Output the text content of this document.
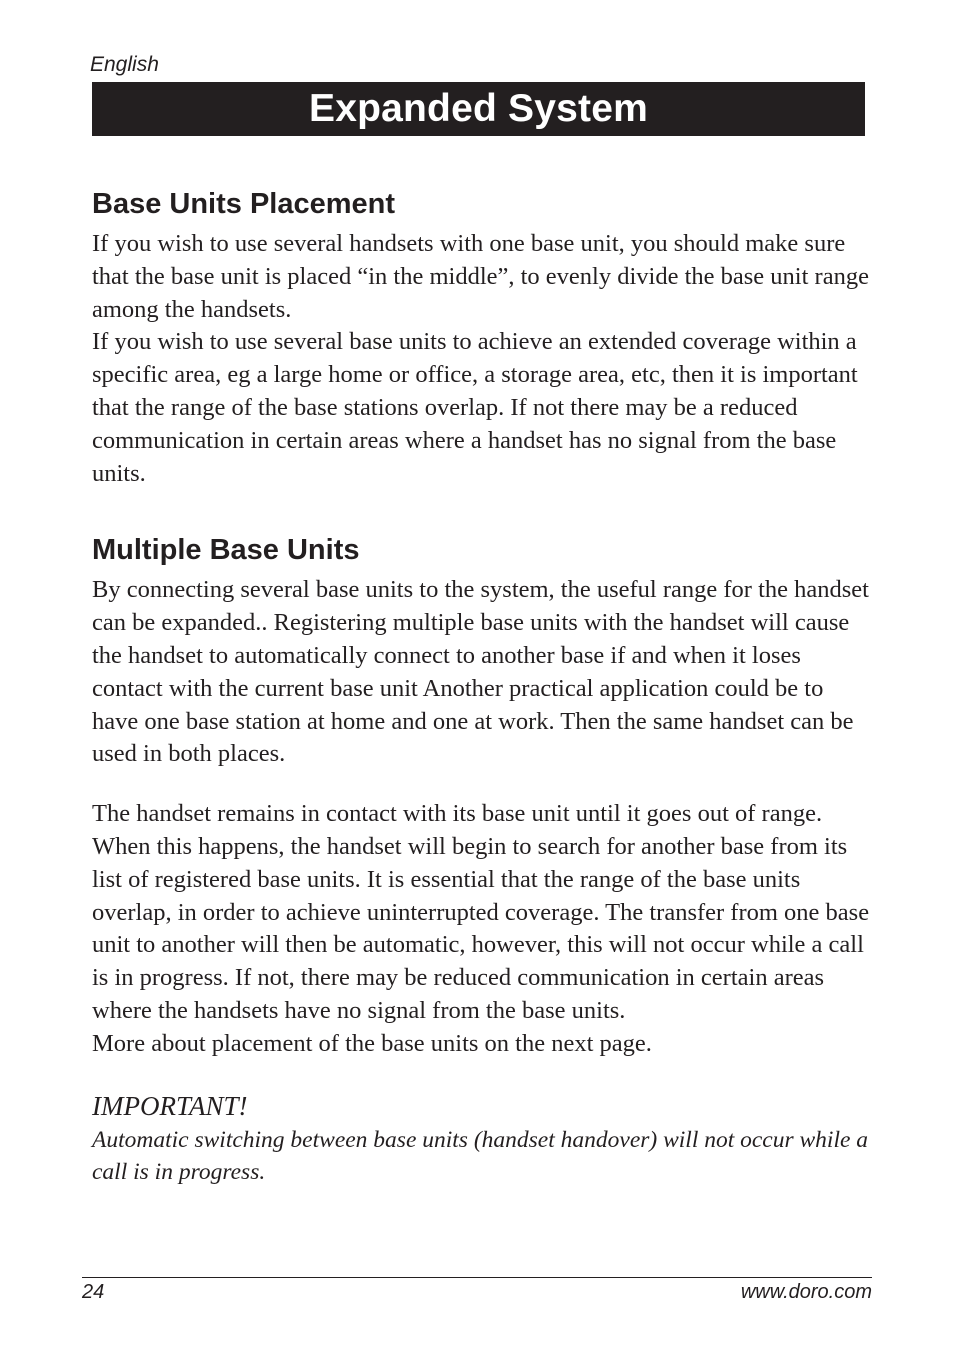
English
Expanded System
Base Units Placement

If you wish to use several handsets with one base unit, you should make sure that the base unit is placed “in the middle”, to evenly divide the base unit range among the handsets.

If you wish to use several base units to achieve an extended coverage within a specific area, eg a large home or office, a storage area, etc, then it is important that the range of the base stations overlap. If not there may be a reduced communication in certain areas where a handset has no signal from the base units.

Multiple Base Units

By connecting several base units to the system, the useful range for the handset can be expanded.. Registering multiple base units with the handset will cause the handset to automatically connect to another base if and when it loses contact with the current base unit Another practical application could be to have one base station at home and one at work. Then the same handset can be used in both places.

The handset remains in contact with its base unit until it goes out of range. When this happens, the handset will begin to search for another base from its list of registered base units. It is essential that the range of the base units overlap, in order to achieve uninterrupted coverage. The transfer from one base unit to another will then be automatic, however, this will not occur while a call is in progress. If not, there may be reduced communication in certain areas where the handsets have no signal from the base units.

More about placement of the base units on the next page.

IMPORTANT!

Automatic switching between base units (handset handover) will not occur while a call is in progress.

24	www.doro.com
